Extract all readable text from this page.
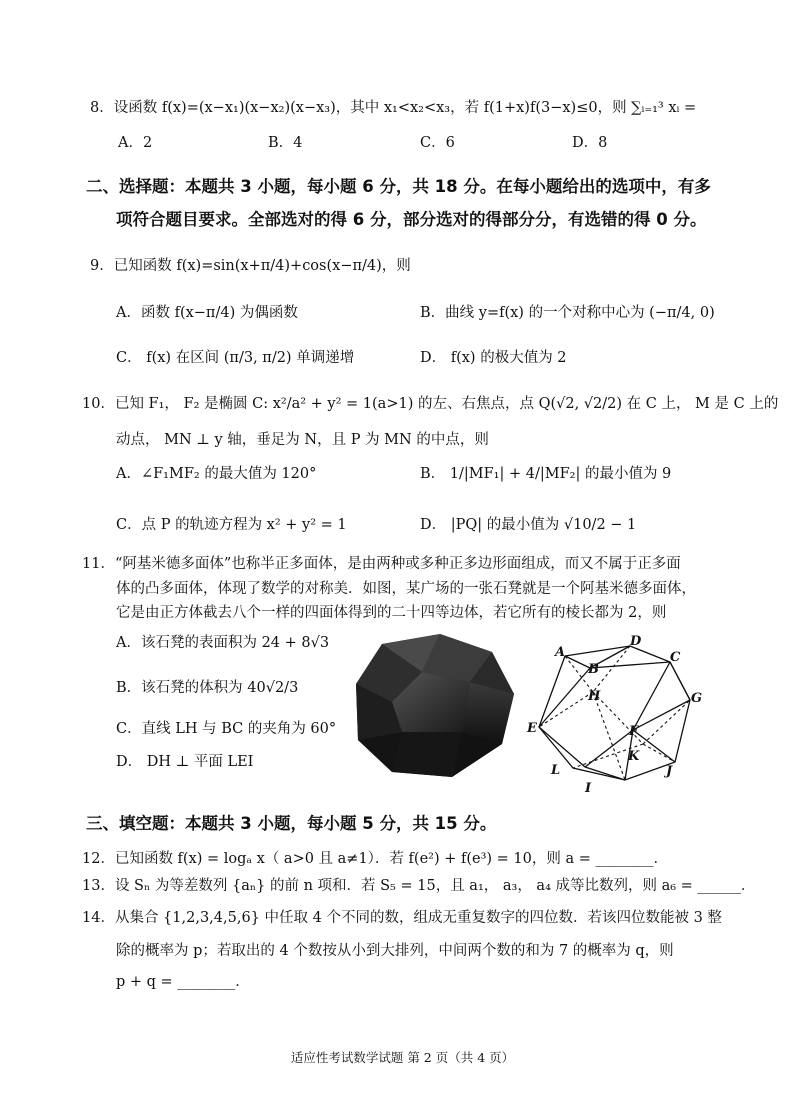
8．设函数 f(x)=(x−x₁)(x−x₂)(x−x₃)，其中 x₁<x₂<x₃，若 f(1+x)f(3−x)≤0，则 ∑ᵢ₌₁³ xᵢ =
A．2	B．4	C．6	D．8
二、选择题：本题共 3 小题，每小题 6 分，共 18 分。在每小题给出的选项中，有多
项符合题目要求。全部选对的得 6 分，部分选对的得部分分，有选错的得 0 分。
9．已知函数 f(x)=sin(x+π/4)+cos(x−π/4)，则
A．函数 f(x−π/4) 为偶函数	B．曲线 y=f(x) 的一个对称中心为 (−π/4, 0)
C． f(x) 在区间 (π/3, π/2) 单调递增	D． f(x) 的极大值为 2
10．已知 F₁， F₂ 是椭圆 C: x²/a² + y² = 1(a>1) 的左、右焦点，点 Q(√2, √2/2) 在 C 上， M 是 C 上的
动点， MN ⊥ y 轴，垂足为 N，且 P 为 MN 的中点，则
A．∠F₁MF₂ 的最大值为 120°	B． 1/|MF₁| + 4/|MF₂| 的最小值为 9
C．点 P 的轨迹方程为 x² + y² = 1	D． |PQ| 的最小值为 √10/2 − 1
11．“阿基米德多面体”也称半正多面体，是由两种或多种正多边形面组成，而又不属于正多面
体的凸多面体，体现了数学的对称美．如图，某广场的一张石凳就是一个阿基米德多面体，
它是由正方体截去八个一样的四面体得到的二十四等边体，若它所有的棱长都为 2，则
A．该石凳的表面积为 24 + 8√3
B．该石凳的体积为 40√2/3
C．直线 LH 与 BC 的夹角为 60°
D． DH ⊥ 平面 LEI
A
B
C
D
E	F
G
H
I
J
K
L
三、填空题：本题共 3 小题，每小题 5 分，共 15 分。
12．已知函数 f(x) = logₐ x（ a>0 且 a≠1）．若 f(e²) + f(e³) = 10，则 a = ________．
13．设 Sₙ 为等差数列 {aₙ} 的前 n 项和．若 S₅ = 15，且 a₁， a₃， a₄ 成等比数列，则 a₆ = ______．
14．从集合 {1,2,3,4,5,6} 中任取 4 个不同的数，组成无重复数字的四位数．若该四位数能被 3 整
除的概率为 p；若取出的 4 个数按从小到大排列，中间两个数的和为 7 的概率为 q，则
p + q = ________．
适应性考试数学试题 第 2 页（共 4 页）
